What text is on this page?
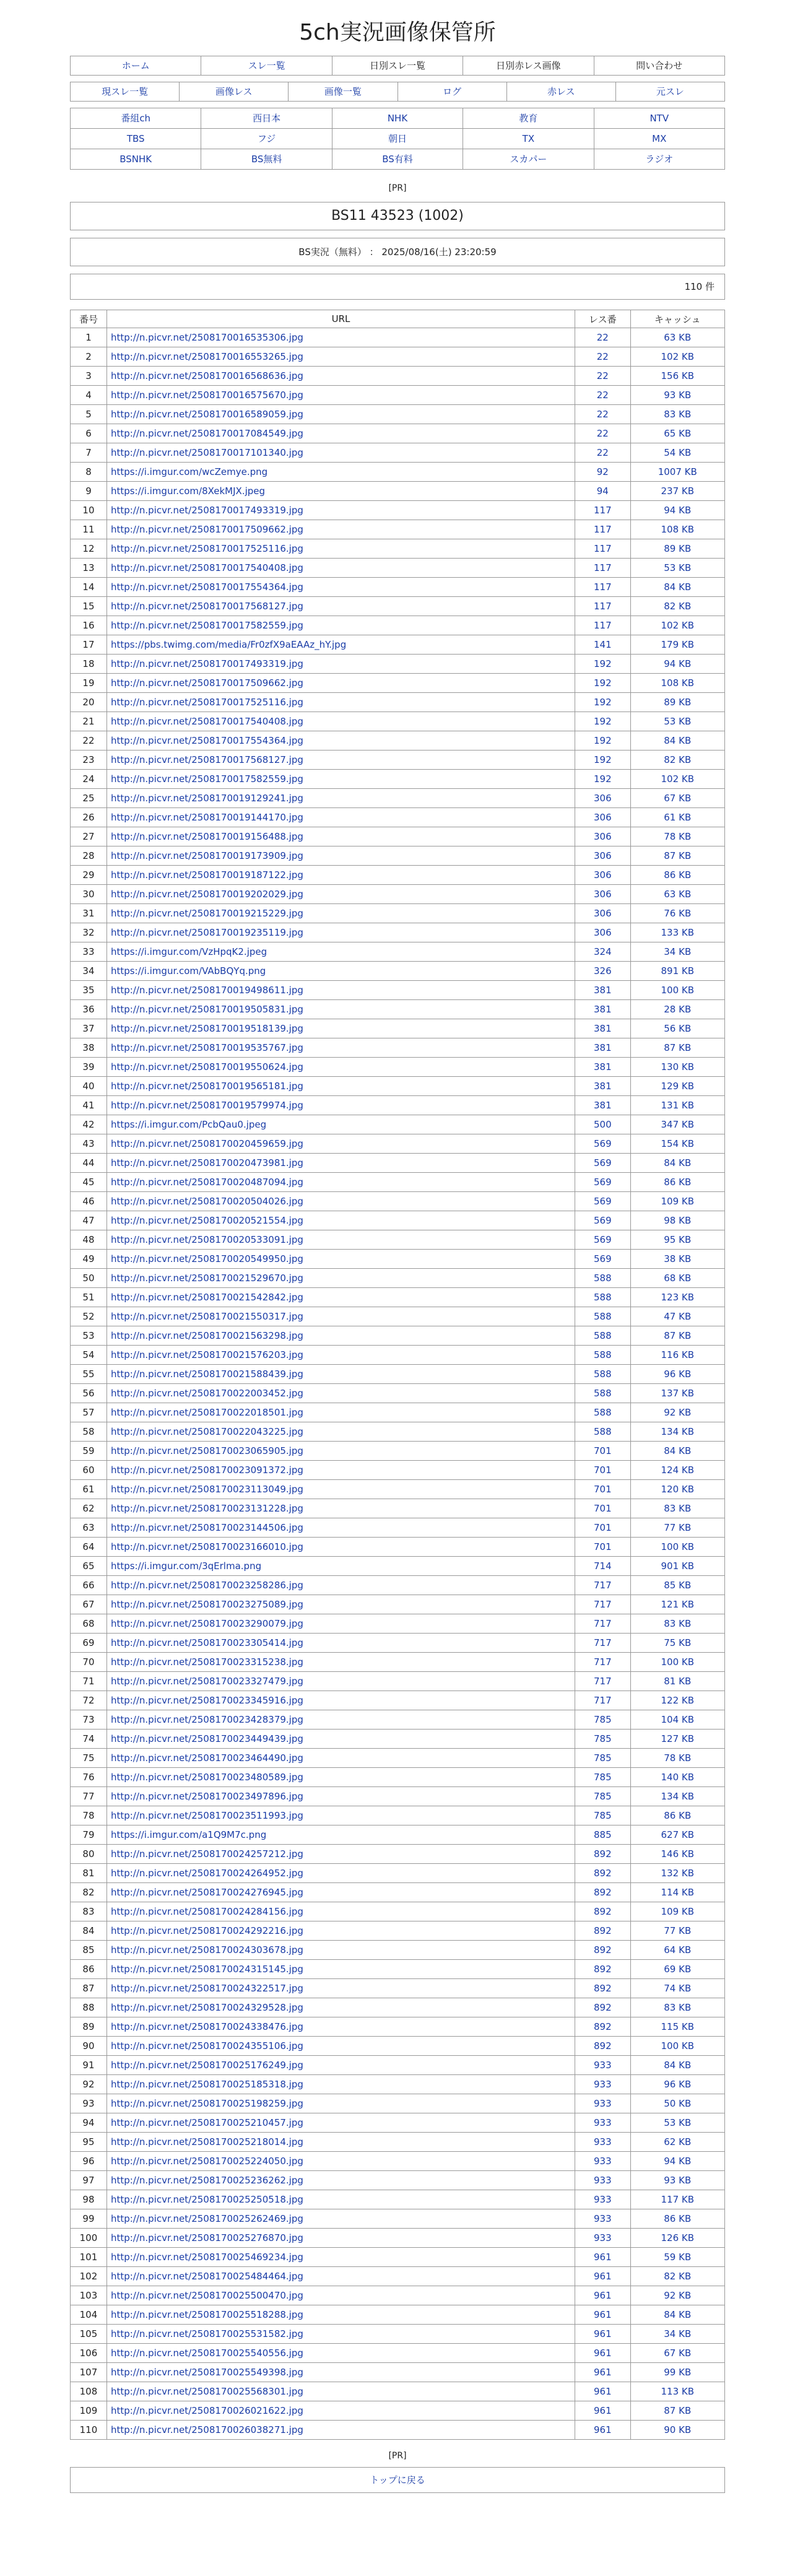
5ch実況画像保管所
ホーム	スレ一覧	日別スレ一覧	日別赤レス画像	問い合わせ
現スレ一覧	画像レス	画像一覧	ログ	赤レス	元スレ
番組ch	西日本	NHK	教育	NTV
TBS	フジ	朝日	TX	MX
BSNHK	BS無料	BS有料	スカパー	ラジオ
[PR]
BS11 43523 (1002)
BS実況（無料） ： 2025/08/16(土) 23:20:59
110 件
番号	URL	レス番	キャッシュ
1	http://n.picvr.net/2508170016535306.jpg	22	63 KB
2	http://n.picvr.net/2508170016553265.jpg	22	102 KB
3	http://n.picvr.net/2508170016568636.jpg	22	156 KB
4	http://n.picvr.net/2508170016575670.jpg	22	93 KB
5	http://n.picvr.net/2508170016589059.jpg	22	83 KB
6	http://n.picvr.net/2508170017084549.jpg	22	65 KB
7	http://n.picvr.net/2508170017101340.jpg	22	54 KB
8	https://i.imgur.com/wcZemye.png	92	1007 KB
9	https://i.imgur.com/8XekMJX.jpeg	94	237 KB
10	http://n.picvr.net/2508170017493319.jpg	117	94 KB
11	http://n.picvr.net/2508170017509662.jpg	117	108 KB
12	http://n.picvr.net/2508170017525116.jpg	117	89 KB
13	http://n.picvr.net/2508170017540408.jpg	117	53 KB
14	http://n.picvr.net/2508170017554364.jpg	117	84 KB
15	http://n.picvr.net/2508170017568127.jpg	117	82 KB
16	http://n.picvr.net/2508170017582559.jpg	117	102 KB
17	https://pbs.twimg.com/media/Fr0zfX9aEAAz_hY.jpg	141	179 KB
18	http://n.picvr.net/2508170017493319.jpg	192	94 KB
19	http://n.picvr.net/2508170017509662.jpg	192	108 KB
20	http://n.picvr.net/2508170017525116.jpg	192	89 KB
21	http://n.picvr.net/2508170017540408.jpg	192	53 KB
22	http://n.picvr.net/2508170017554364.jpg	192	84 KB
23	http://n.picvr.net/2508170017568127.jpg	192	82 KB
24	http://n.picvr.net/2508170017582559.jpg	192	102 KB
25	http://n.picvr.net/2508170019129241.jpg	306	67 KB
26	http://n.picvr.net/2508170019144170.jpg	306	61 KB
27	http://n.picvr.net/2508170019156488.jpg	306	78 KB
28	http://n.picvr.net/2508170019173909.jpg	306	87 KB
29	http://n.picvr.net/2508170019187122.jpg	306	86 KB
30	http://n.picvr.net/2508170019202029.jpg	306	63 KB
31	http://n.picvr.net/2508170019215229.jpg	306	76 KB
32	http://n.picvr.net/2508170019235119.jpg	306	133 KB
33	https://i.imgur.com/VzHpqK2.jpeg	324	34 KB
34	https://i.imgur.com/VAbBQYq.png	326	891 KB
35	http://n.picvr.net/2508170019498611.jpg	381	100 KB
36	http://n.picvr.net/2508170019505831.jpg	381	28 KB
37	http://n.picvr.net/2508170019518139.jpg	381	56 KB
38	http://n.picvr.net/2508170019535767.jpg	381	87 KB
39	http://n.picvr.net/2508170019550624.jpg	381	130 KB
40	http://n.picvr.net/2508170019565181.jpg	381	129 KB
41	http://n.picvr.net/2508170019579974.jpg	381	131 KB
42	https://i.imgur.com/PcbQau0.jpeg	500	347 KB
43	http://n.picvr.net/2508170020459659.jpg	569	154 KB
44	http://n.picvr.net/2508170020473981.jpg	569	84 KB
45	http://n.picvr.net/2508170020487094.jpg	569	86 KB
46	http://n.picvr.net/2508170020504026.jpg	569	109 KB
47	http://n.picvr.net/2508170020521554.jpg	569	98 KB
48	http://n.picvr.net/2508170020533091.jpg	569	95 KB
49	http://n.picvr.net/2508170020549950.jpg	569	38 KB
50	http://n.picvr.net/2508170021529670.jpg	588	68 KB
51	http://n.picvr.net/2508170021542842.jpg	588	123 KB
52	http://n.picvr.net/2508170021550317.jpg	588	47 KB
53	http://n.picvr.net/2508170021563298.jpg	588	87 KB
54	http://n.picvr.net/2508170021576203.jpg	588	116 KB
55	http://n.picvr.net/2508170021588439.jpg	588	96 KB
56	http://n.picvr.net/2508170022003452.jpg	588	137 KB
57	http://n.picvr.net/2508170022018501.jpg	588	92 KB
58	http://n.picvr.net/2508170022043225.jpg	588	134 KB
59	http://n.picvr.net/2508170023065905.jpg	701	84 KB
60	http://n.picvr.net/2508170023091372.jpg	701	124 KB
61	http://n.picvr.net/2508170023113049.jpg	701	120 KB
62	http://n.picvr.net/2508170023131228.jpg	701	83 KB
63	http://n.picvr.net/2508170023144506.jpg	701	77 KB
64	http://n.picvr.net/2508170023166010.jpg	701	100 KB
65	https://i.imgur.com/3qErlma.png	714	901 KB
66	http://n.picvr.net/2508170023258286.jpg	717	85 KB
67	http://n.picvr.net/2508170023275089.jpg	717	121 KB
68	http://n.picvr.net/2508170023290079.jpg	717	83 KB
69	http://n.picvr.net/2508170023305414.jpg	717	75 KB
70	http://n.picvr.net/2508170023315238.jpg	717	100 KB
71	http://n.picvr.net/2508170023327479.jpg	717	81 KB
72	http://n.picvr.net/2508170023345916.jpg	717	122 KB
73	http://n.picvr.net/2508170023428379.jpg	785	104 KB
74	http://n.picvr.net/2508170023449439.jpg	785	127 KB
75	http://n.picvr.net/2508170023464490.jpg	785	78 KB
76	http://n.picvr.net/2508170023480589.jpg	785	140 KB
77	http://n.picvr.net/2508170023497896.jpg	785	134 KB
78	http://n.picvr.net/2508170023511993.jpg	785	86 KB
79	https://i.imgur.com/a1Q9M7c.png	885	627 KB
80	http://n.picvr.net/2508170024257212.jpg	892	146 KB
81	http://n.picvr.net/2508170024264952.jpg	892	132 KB
82	http://n.picvr.net/2508170024276945.jpg	892	114 KB
83	http://n.picvr.net/2508170024284156.jpg	892	109 KB
84	http://n.picvr.net/2508170024292216.jpg	892	77 KB
85	http://n.picvr.net/2508170024303678.jpg	892	64 KB
86	http://n.picvr.net/2508170024315145.jpg	892	69 KB
87	http://n.picvr.net/2508170024322517.jpg	892	74 KB
88	http://n.picvr.net/2508170024329528.jpg	892	83 KB
89	http://n.picvr.net/2508170024338476.jpg	892	115 KB
90	http://n.picvr.net/2508170024355106.jpg	892	100 KB
91	http://n.picvr.net/2508170025176249.jpg	933	84 KB
92	http://n.picvr.net/2508170025185318.jpg	933	96 KB
93	http://n.picvr.net/2508170025198259.jpg	933	50 KB
94	http://n.picvr.net/2508170025210457.jpg	933	53 KB
95	http://n.picvr.net/2508170025218014.jpg	933	62 KB
96	http://n.picvr.net/2508170025224050.jpg	933	94 KB
97	http://n.picvr.net/2508170025236262.jpg	933	93 KB
98	http://n.picvr.net/2508170025250518.jpg	933	117 KB
99	http://n.picvr.net/2508170025262469.jpg	933	86 KB
100	http://n.picvr.net/2508170025276870.jpg	933	126 KB
101	http://n.picvr.net/2508170025469234.jpg	961	59 KB
102	http://n.picvr.net/2508170025484464.jpg	961	82 KB
103	http://n.picvr.net/2508170025500470.jpg	961	92 KB
104	http://n.picvr.net/2508170025518288.jpg	961	84 KB
105	http://n.picvr.net/2508170025531582.jpg	961	34 KB
106	http://n.picvr.net/2508170025540556.jpg	961	67 KB
107	http://n.picvr.net/2508170025549398.jpg	961	99 KB
108	http://n.picvr.net/2508170025568301.jpg	961	113 KB
109	http://n.picvr.net/2508170026021622.jpg	961	87 KB
110	http://n.picvr.net/2508170026038271.jpg	961	90 KB
[PR]
トップに戻る
